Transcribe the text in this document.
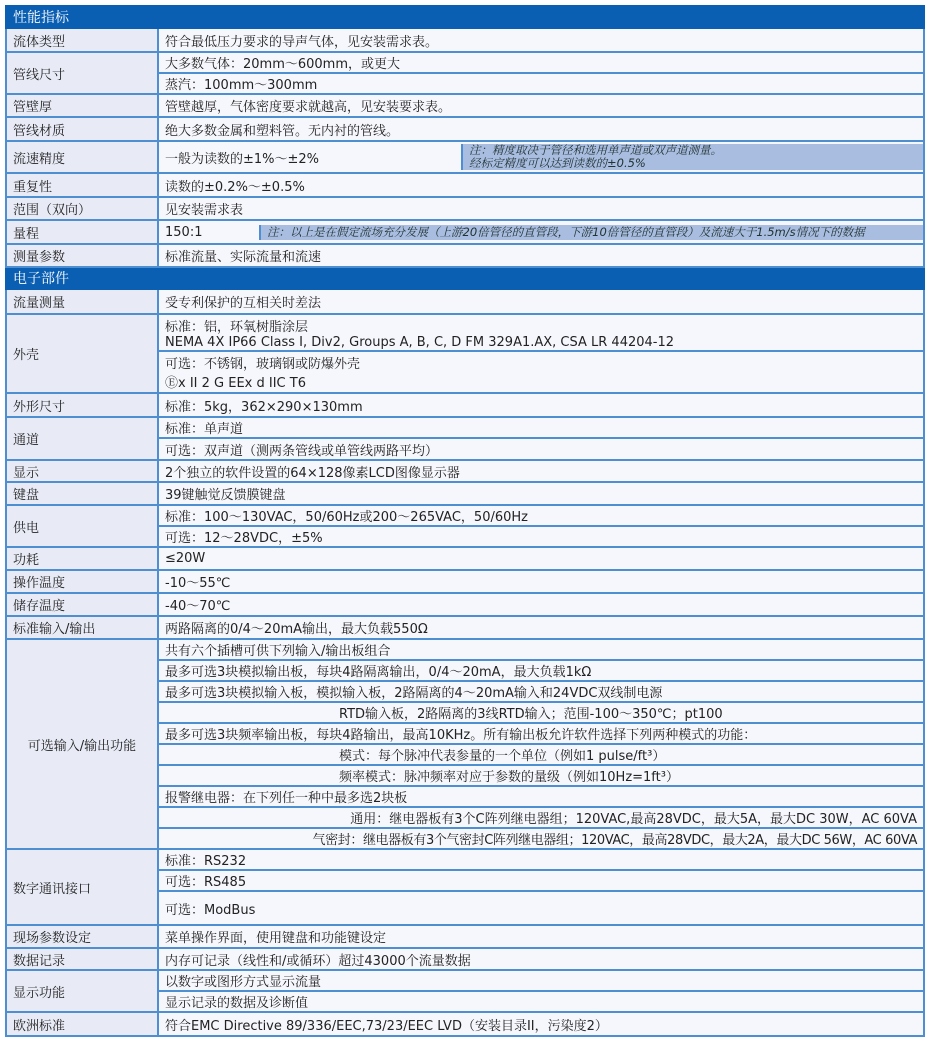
性能指标	
流体类型	符合最低压力要求的导声气体，见安装需求表。
管线尺寸	大多数气体：20mm～600mm，或更大
	蒸汽：100mm～300mm
管壁厚	管壁越厚，气体密度要求就越高，见安装要求表。
管线材质	绝大多数金属和塑料管。无内衬的管线。
流速精度	一般为读数的±1%～±2%
注：精度取决于管径和选用单声道或双声道测量。
经标定精度可以达到读数的±0.5%

重复性	读数的±0.2%～±0.5%
范围（双向）	见安装需求表
量程	150:1 注：以上是在假定流场充分发展（上游20倍管径的直管段，下游10倍管径的直管段）及流速大于1.5m/s情况下的数据

测量参数	标准流量、实际流量和流速
电子部件	
流量测量	受专利保护的互相关时差法
外壳	标准：铝，环氧树脂涂层
NEMA 4X IP66 Class I, Div2, Groups A, B, C, D FM 329A1.AX, CSA LR 44204-12

	可选：不锈钢，玻璃钢或防爆外壳
Ⓔx II 2 G EEx d IIC T6

外形尺寸	标准：5kg，362×290×130mm
通道	标准：单声道
	可选：双声道（测两条管线或单管线两路平均）
显示	2个独立的软件设置的64×128像素LCD图像显示器
键盘	39键触觉反馈膜键盘
供电	标准：100～130VAC，50/60Hz或200～265VAC，50/60Hz
	可选：12～28VDC，±5%
功耗	≤20W
操作温度	-10～55℃
储存温度	-40～70℃
标准输入/输出	两路隔离的0/4～20mA输出，最大负载550Ω
可选输入/输出功能	共有六个插槽可供下列输入/输出板组合
	最多可选3块模拟输出板，每块4路隔离输出，0/4～20mA，最大负载1kΩ
	最多可选3块模拟输入板，模拟输入板，2路隔离的4～20mA输入和24VDC双线制电源
	RTD输入板，2路隔离的3线RTD输入；范围-100～350℃；pt100
	最多可选3块频率输出板，每块4路输出，最高10KHz。所有输出板允许软件选择下列两种模式的功能：
	模式：每个脉冲代表参量的一个单位（例如1 pulse/ft³）
	频率模式：脉冲频率对应于参数的量级（例如10Hz=1ft³）
	报警继电器：在下列任一种中最多选2块板
	通用：继电器板有3个C阵列继电器组；120VAC,最高28VDC，最大5A，最大DC 30W，AC 60VA
	气密封：继电器板有3个气密封C阵列继电器组；120VAC，最高28VDC，最大2A，最大DC 56W，AC 60VA
数字通讯接口	标准：RS232
	可选：RS485
	可选：ModBus
现场参数设定	菜单操作界面，使用键盘和功能键设定
数据记录	内存可记录（线性和/或循环）超过43000个流量数据
显示功能	以数字或图形方式显示流量
	显示记录的数据及诊断值
欧洲标准	符合EMC Directive 89/336/EEC,73/23/EEC LVD（安装目录II，污染度2）
